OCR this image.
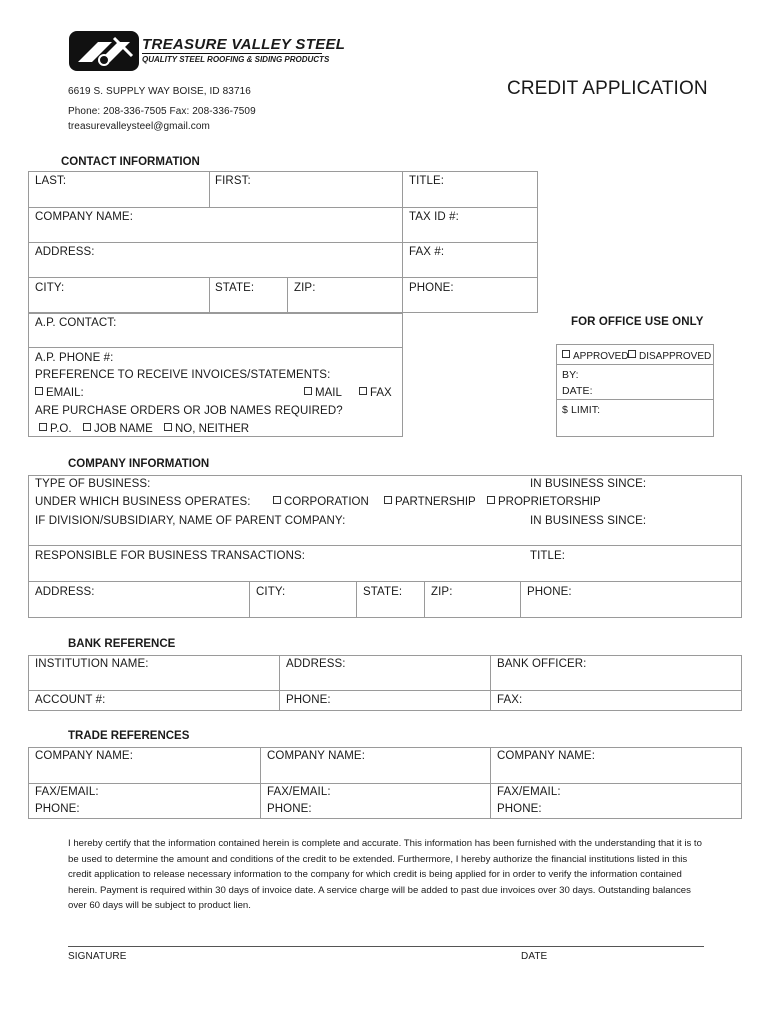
TREASURE VALLEY STEEL
QUALITY STEEL ROOFING & SIDING PRODUCTS
6619 S. SUPPLY WAY BOISE, ID 83716
Phone: 208-336-7505 Fax: 208-336-7509
treasurevalleysteel@gmail.com
CREDIT APPLICATION
CONTACT INFORMATION
LAST:	FIRST:	TITLE:
COMPANY NAME:	TAX ID #:
ADDRESS:	FAX #:
CITY:	STATE:	ZIP:	PHONE:
A.P. CONTACT:
A.P. PHONE #:
PREFERENCE TO RECEIVE INVOICES/STATEMENTS:
EMAIL:	MAIL	FAX
ARE PURCHASE ORDERS OR JOB NAMES REQUIRED?
P.O.	JOB NAME	NO, NEITHER
FOR OFFICE USE ONLY
APPROVED	DISAPPROVED
BY:
DATE:
$ LIMIT:
COMPANY INFORMATION
TYPE OF BUSINESS:	IN BUSINESS SINCE:
UNDER WHICH BUSINESS OPERATES:	CORPORATION	PARTNERSHIP	PROPRIETORSHIP
IF DIVISION/SUBSIDIARY, NAME OF PARENT COMPANY:	IN BUSINESS SINCE:
RESPONSIBLE FOR BUSINESS TRANSACTIONS:	TITLE:
ADDRESS:	CITY:	STATE:	ZIP:	PHONE:
BANK REFERENCE
INSTITUTION NAME:	ADDRESS:	BANK OFFICER:
ACCOUNT #:	PHONE:	FAX:
TRADE REFERENCES
COMPANY NAME:	COMPANY NAME:	COMPANY NAME:
FAX/EMAIL:	FAX/EMAIL:	FAX/EMAIL:
PHONE:	PHONE:	PHONE:
I hereby certify that the information contained herein is complete and accurate. This information has been furnished with the understanding that it is to be used to determine the amount and conditions of the credit to be extended. Furthermore, I hereby authorize the financial institutions listed in this credit application to release necessary information to the company for which credit is being applied for in order to verify the information contained herein. Payment is required within 30 days of invoice date. A service charge will be added to past due invoices over 30 days. Outstanding balances over 60 days will be subject to product lien.
SIGNATURE	DATE
